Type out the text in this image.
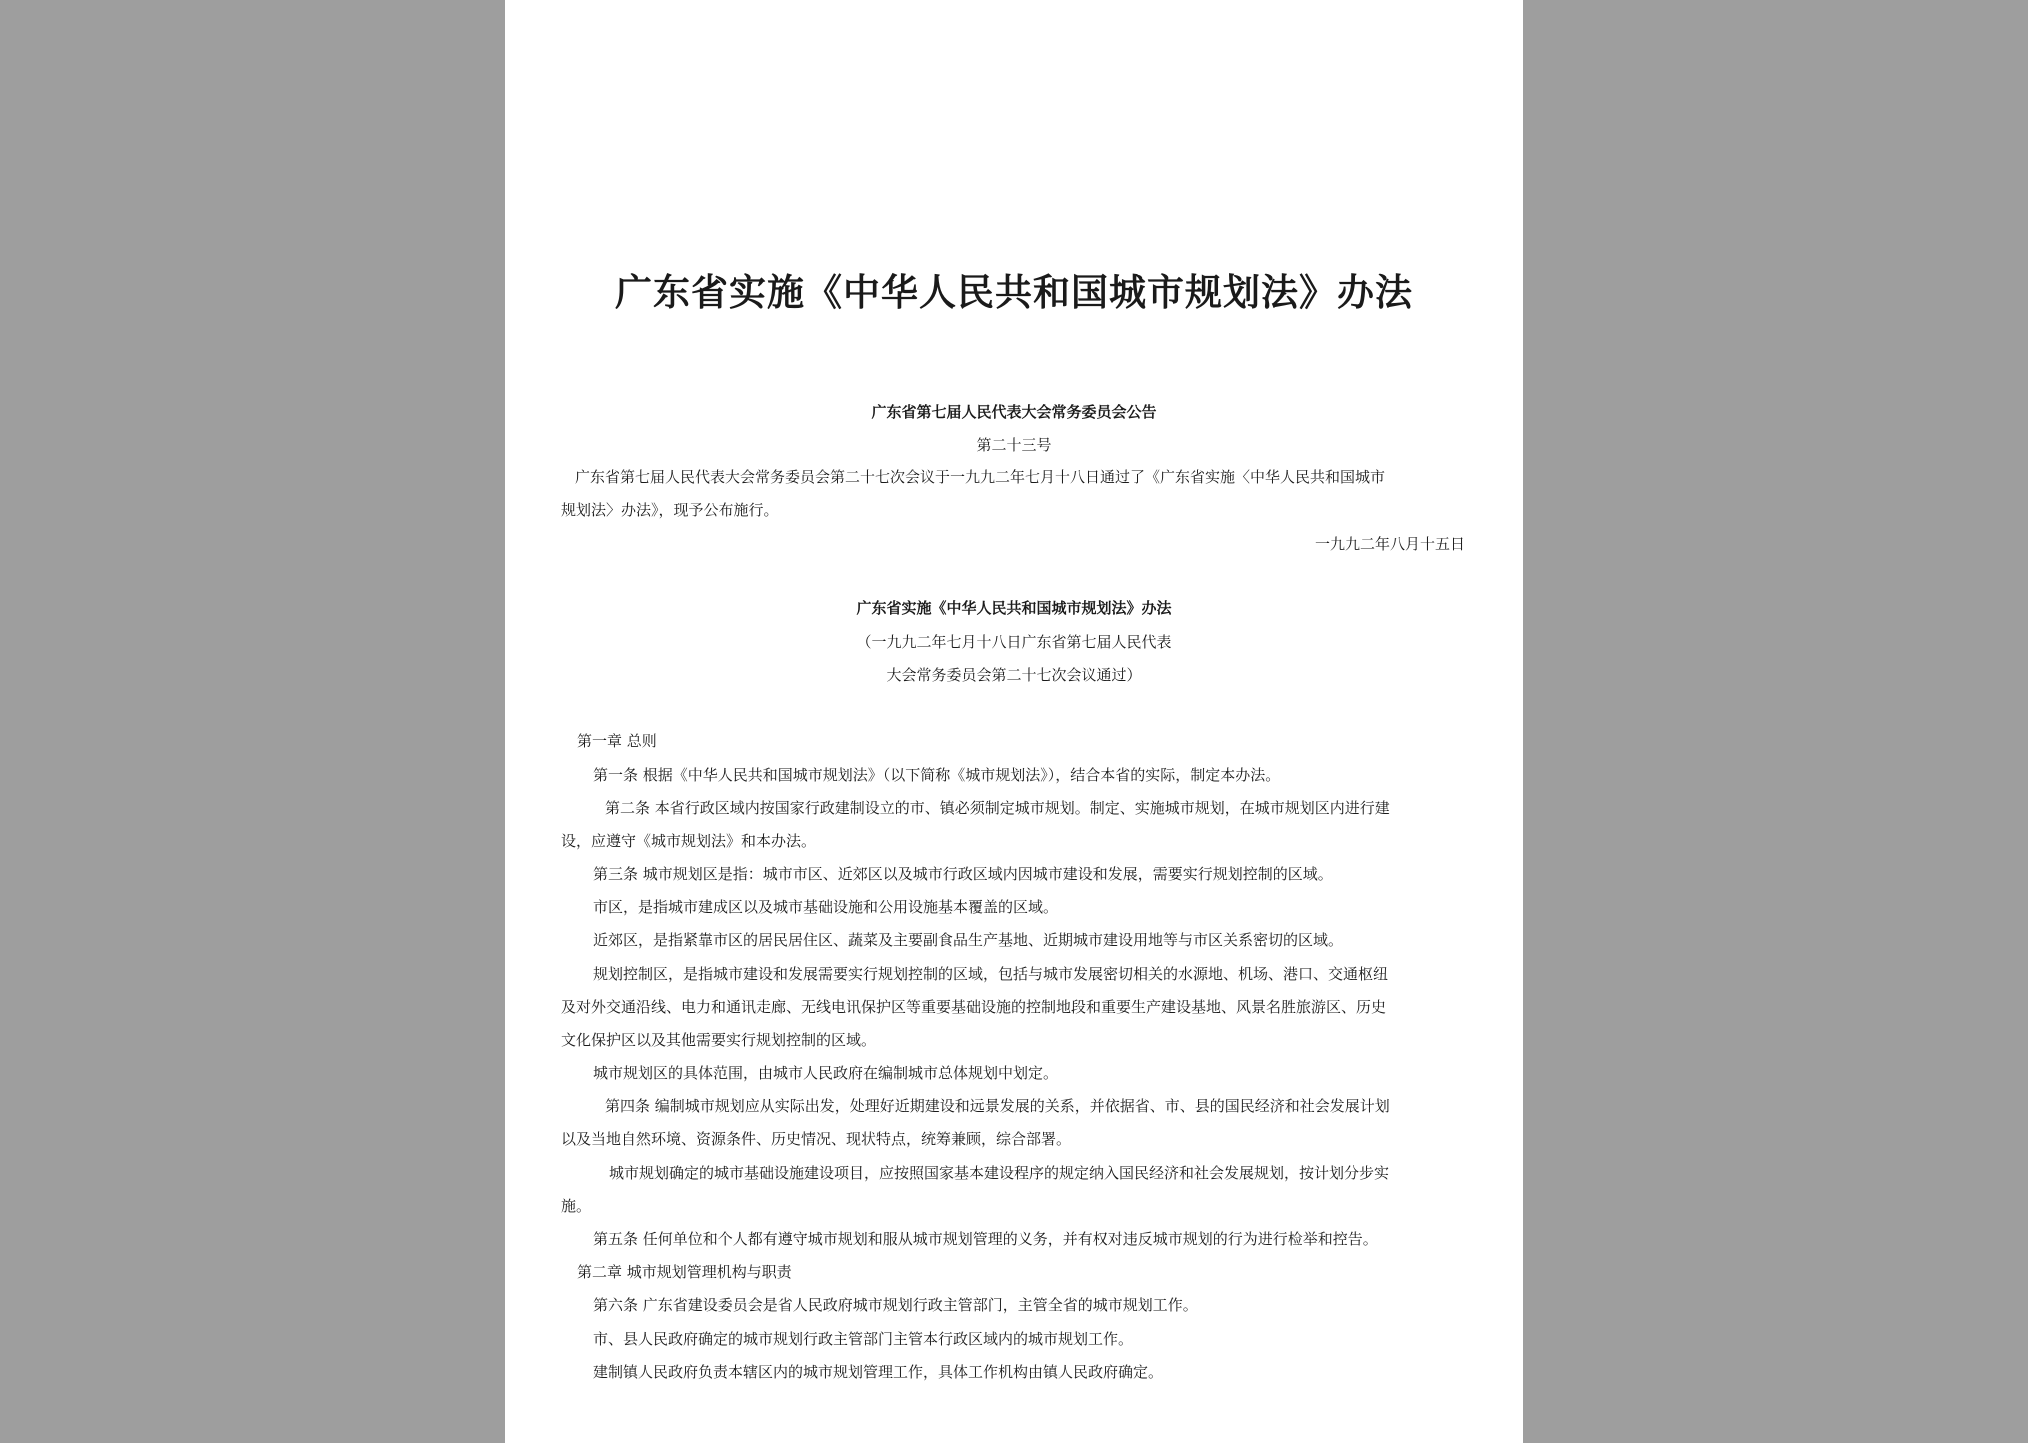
广东省实施《中华人民共和国城市规划法》办法
广东省第七届人民代表大会常务委员会公告
第二十三号
广东省第七届人民代表大会常务委员会第二十七次会议于一九九二年七月十八日通过了《广东省实施〈中华人民共和国城市
规划法〉办法》，现予公布施行。
一九九二年八月十五日
广东省实施《中华人民共和国城市规划法》办法
（一九九二年七月十八日广东省第七届人民代表
大会常务委员会第二十七次会议通过）
第一章 总则
第一条 根据《中华人民共和国城市规划法》（以下简称《城市规划法》），结合本省的实际，制定本办法。
第二条 本省行政区域内按国家行政建制设立的市、镇必须制定城市规划。制定、实施城市规划，在城市规划区内进行建
设，应遵守《城市规划法》和本办法。
第三条 城市规划区是指：城市市区、近郊区以及城市行政区域内因城市建设和发展，需要实行规划控制的区域。
市区，是指城市建成区以及城市基础设施和公用设施基本覆盖的区域。
近郊区，是指紧靠市区的居民居住区、蔬菜及主要副食品生产基地、近期城市建设用地等与市区关系密切的区域。
规划控制区，是指城市建设和发展需要实行规划控制的区域，包括与城市发展密切相关的水源地、机场、港口、交通枢纽
及对外交通沿线、电力和通讯走廊、无线电讯保护区等重要基础设施的控制地段和重要生产建设基地、风景名胜旅游区、历史
文化保护区以及其他需要实行规划控制的区域。
城市规划区的具体范围，由城市人民政府在编制城市总体规划中划定。
第四条 编制城市规划应从实际出发，处理好近期建设和远景发展的关系，并依据省、市、县的国民经济和社会发展计划
以及当地自然环境、资源条件、历史情况、现状特点，统筹兼顾，综合部署。
城市规划确定的城市基础设施建设项目，应按照国家基本建设程序的规定纳入国民经济和社会发展规划，按计划分步实
施。
第五条 任何单位和个人都有遵守城市规划和服从城市规划管理的义务，并有权对违反城市规划的行为进行检举和控告。
第二章 城市规划管理机构与职责
第六条 广东省建设委员会是省人民政府城市规划行政主管部门，主管全省的城市规划工作。
市、县人民政府确定的城市规划行政主管部门主管本行政区域内的城市规划工作。
建制镇人民政府负责本辖区内的城市规划管理工作，具体工作机构由镇人民政府确定。
